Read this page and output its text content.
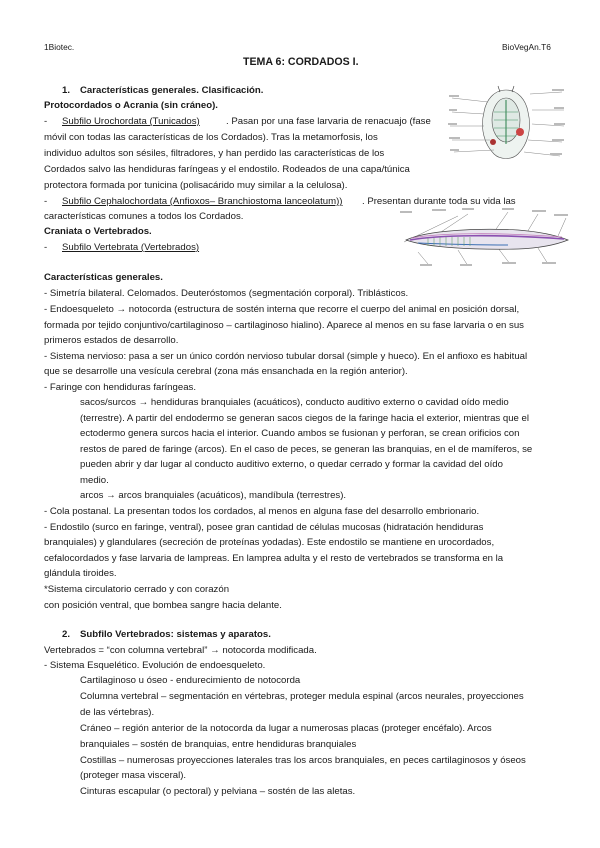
1Biotec.	BioVegAn.T6
TEMA 6: CORDADOS I.
1. Características generales. Clasificación.
Protocordados o Acrania (sin cráneo).
- Subfilo Urochordata (Tunicados)	. Pasan por una fase larvaria de renacuajo (fase
móvil con todas las características de los Cordados). Tras la metamorfosis, los
individuo adultos son sésiles, filtradores, y han perdido las características de los
Cordados salvo las hendiduras faríngeas y el endostilo. Rodeados de una capa/túnica
protectora formada por tunicina (polisacárido muy similar a la celulosa).
- Subfilo Cephalochordata (Anfioxos– Branchiostoma lanceolatum)) . Presentan durante toda su vida las
características comunes a todos los Cordados.
Craniata o Vertebrados.
- Subfilo Vertebrata (Vertebrados)
Características generales.
- Simetría bilateral. Celomados. Deuteróstomos (segmentación corporal). Triblásticos.
- Endoesqueleto → notocorda (estructura de sostén interna que recorre el cuerpo del animal en posición dorsal,
formada por tejido conjuntivo/cartilaginoso – cartilaginoso hialino). Aparece al menos en su fase larvaria o en sus
primeros estados de desarrollo.
- Sistema nervioso: pasa a ser un único cordón nervioso tubular dorsal (simple y hueco). En el anfioxo es habitual
que se desarrolle una vesícula cerebral (zona más ensanchada en la región anterior).
- Faringe con hendiduras faríngeas.
sacos/surcos → hendiduras branquiales (acuáticos), conducto auditivo externo o cavidad oído medio
(terrestre). A partir del endodermo se generan sacos ciegos de la faringe hacia el exterior, mientras que el
ectodermo genera surcos hacia el interior. Cuando ambos se fusionan y perforan, se crean orificios con
restos de pared de faringe (arcos). En el caso de peces, se generan las branquias, en el de mamíferos, se
pueden abrir y dar lugar al conducto auditivo externo, o quedar cerrado y formar la cavidad del oído
medio.
arcos → arcos branquiales (acuáticos), mandíbula (terrestres).
- Cola postanal. La presentan todos los cordados, al menos en alguna fase del desarrollo embrionario.
- Endostilo (surco en faringe, ventral), posee gran cantidad de células mucosas (hidratación hendiduras
branquiales) y glandulares (secreción de proteínas yodadas). Este endostilo se mantiene en urocordados,
cefalocordados y fase larvaria de lampreas. En lamprea adulta y el resto de vertebrados se transforma en la
glándula tiroides.
*Sistema circulatorio cerrado y con corazón
con posición ventral, que bombea sangre hacia delante.
2. Subfilo Vertebrados: sistemas y aparatos.
Vertebrados = “con columna vertebral” → notocorda modificada.
- Sistema Esquelético. Evolución de endoesqueleto.
Cartilaginoso u óseo - endurecimiento de notocorda
Columna vertebral – segmentación en vértebras, proteger medula espinal (arcos neurales, proyecciones
de las vértebras).
Cráneo – región anterior de la notocorda da lugar a numerosas placas (proteger encéfalo). Arcos
branquiales – sostén de branquias, entre hendiduras branquiales
Costillas – numerosas proyecciones laterales tras los arcos branquiales, en peces cartilaginosos y óseos
(proteger masa visceral).
Cinturas escapular (o pectoral) y pelviana – sostén de las aletas.
